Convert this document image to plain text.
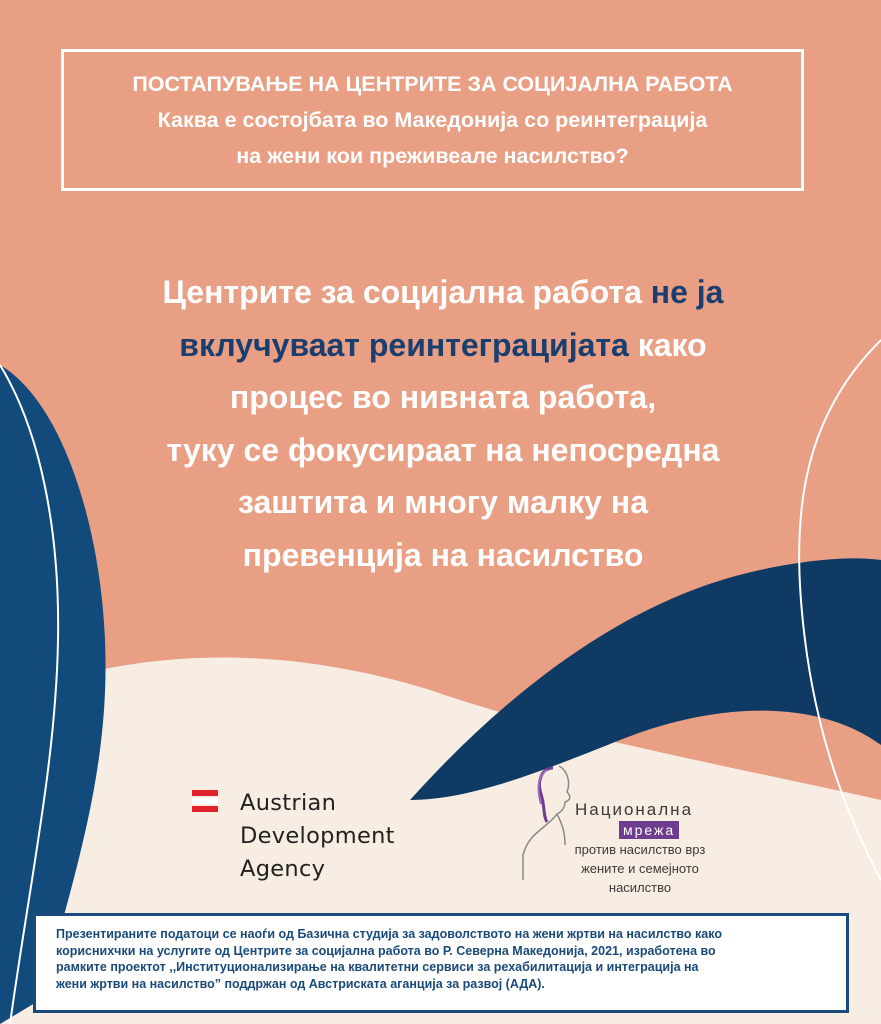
ПОСТАПУВАЊЕ НА ЦЕНТРИТЕ ЗА СОЦИЈАЛНА РАБОТА
Каква е состојбата во Македонија со реинтеграција
на жени кои преживеале насилство?
Центрите за социјална работа не ја
вклучуваат реинтеграцијата како
процес во нивната работа,
туку се фокусираат на непосредна
заштита и многу малку на
превенција на насилство
Austrian
Development
Agency
Национална
мрежа
против насилство врз
жените и семејното
насилство
Презентираните податоци се наоѓи од Базична студија за задоволството на жени жртви на насилство како
корисниxчки на услугите од Центрите за социјална работа во Р. Северна Македонија, 2021, изработена во
рамките проектот ,,Институционализирање на квалитетни сервиси за рехабилитација и интеграција на
жени жртви на насилство” поддржан од Австриската аганција за развој (АДА).
